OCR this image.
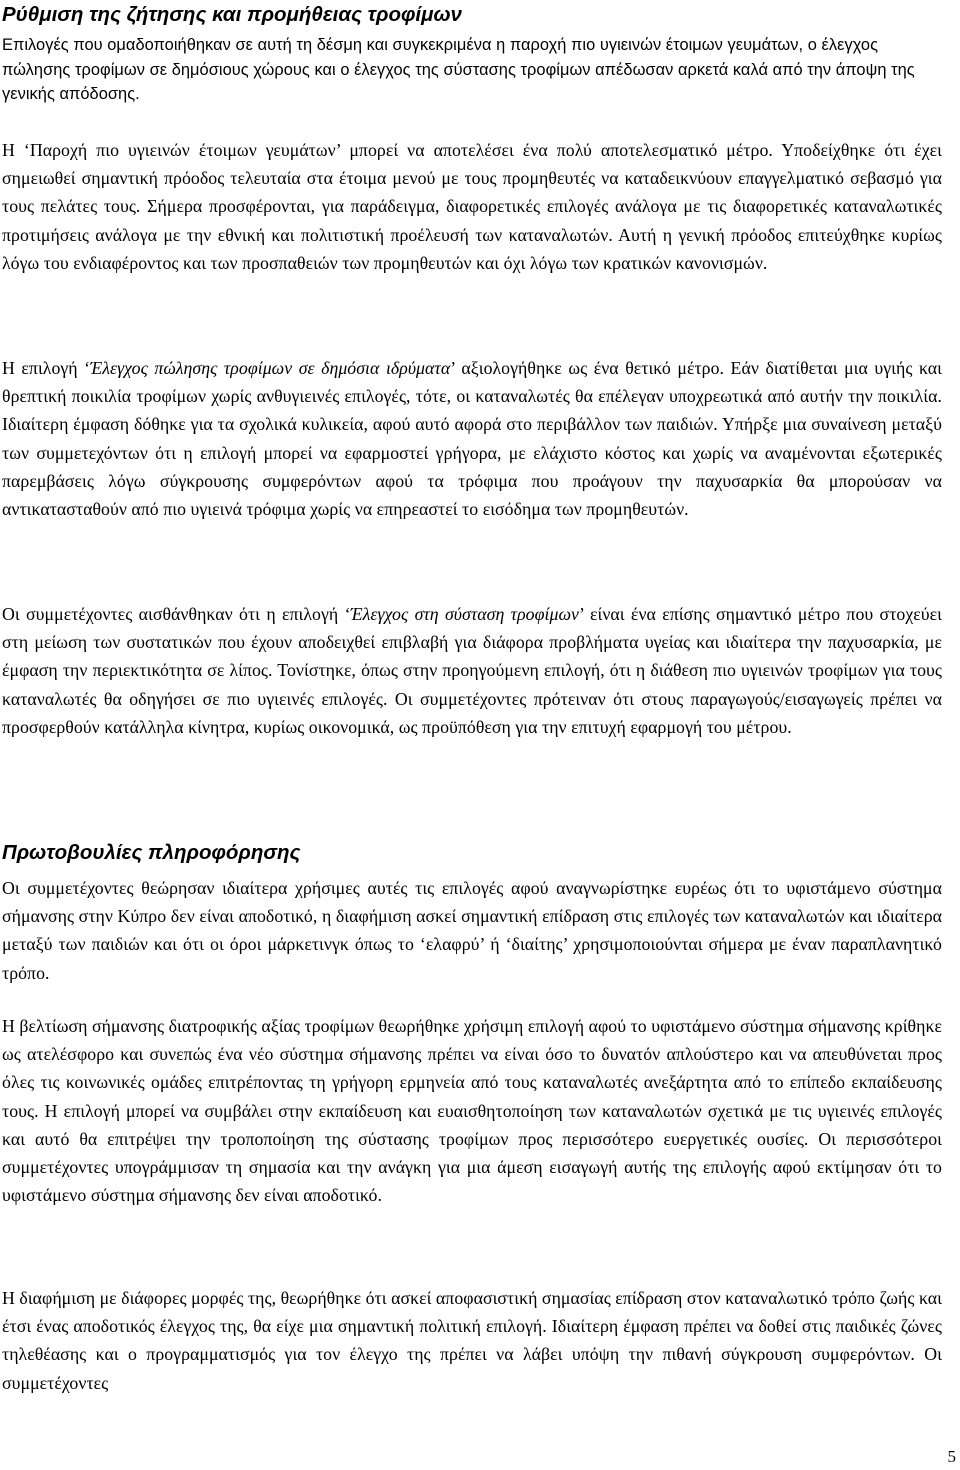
Ρύθμιση της ζήτησης και προμήθειας τροφίμων

Επιλογές που ομαδοποιήθηκαν σε αυτή τη δέσμη και συγκεκριμένα η παροχή πιο υγιεινών έτοιμων γευμάτων, ο έλεγχος πώλησης τροφίμων σε δημόσιους χώρους και ο έλεγχος της σύστασης τροφίμων απέδωσαν αρκετά καλά από την άποψη της γενικής απόδοσης.

Η ‘Παροχή πιο υγιεινών έτοιμων γευμάτων’ μπορεί να αποτελέσει ένα πολύ αποτελεσματικό μέτρο. Υποδείχθηκε ότι έχει σημειωθεί σημαντική πρόοδος τελευταία στα έτοιμα μενού με τους προμηθευτές να καταδεικνύουν επαγγελματικό σεβασμό για τους πελάτες τους. Σήμερα προσφέρονται, για παράδειγμα, διαφορετικές επιλογές ανάλογα με τις διαφορετικές καταναλωτικές προτιμήσεις ανάλογα με την εθνική και πολιτιστική προέλευσή των καταναλωτών. Αυτή η γενική πρόοδος επιτεύχθηκε κυρίως λόγω του ενδιαφέροντος και των προσπαθειών των προμηθευτών και όχι λόγω των κρατικών κανονισμών.

Η επιλογή ‘Έλεγχος πώλησης τροφίμων σε δημόσια ιδρύματα’ αξιολογήθηκε ως ένα θετικό μέτρο. Εάν διατίθεται μια υγιής και θρεπτική ποικιλία τροφίμων χωρίς ανθυγιεινές επιλογές, τότε, οι καταναλωτές θα επέλεγαν υποχρεωτικά από αυτήν την ποικιλία. Ιδιαίτερη έμφαση δόθηκε για τα σχολικά κυλικεία, αφού αυτό αφορά στο περιβάλλον των παιδιών. Υπήρξε μια συναίνεση μεταξύ των συμμετεχόντων ότι η επιλογή μπορεί να εφαρμοστεί γρήγορα, με ελάχιστο κόστος και χωρίς να αναμένονται εξωτερικές παρεμβάσεις λόγω σύγκρουσης συμφερόντων αφού τα τρόφιμα που προάγουν την παχυσαρκία θα μπορούσαν να αντικατασταθούν από πιο υγιεινά τρόφιμα χωρίς να επηρεαστεί το εισόδημα των προμηθευτών.

Οι συμμετέχοντες αισθάνθηκαν ότι η επιλογή ‘Έλεγχος στη σύσταση τροφίμων’ είναι ένα επίσης σημαντικό μέτρο που στοχεύει στη μείωση των συστατικών που έχουν αποδειχθεί επιβλαβή για διάφορα προβλήματα υγείας και ιδιαίτερα την παχυσαρκία, με έμφαση την περιεκτικότητα σε λίπος. Τονίστηκε, όπως στην προηγούμενη επιλογή, ότι η διάθεση πιο υγιεινών τροφίμων για τους καταναλωτές θα οδηγήσει σε πιο υγιεινές επιλογές. Οι συμμετέχοντες πρότειναν ότι στους παραγωγούς/εισαγωγείς πρέπει να προσφερθούν κατάλληλα κίνητρα, κυρίως οικονομικά, ως προϋπόθεση για την επιτυχή εφαρμογή του μέτρου.

Πρωτοβουλίες πληροφόρησης

Οι συμμετέχοντες θεώρησαν ιδιαίτερα χρήσιμες αυτές τις επιλογές αφού αναγνωρίστηκε ευρέως ότι το υφιστάμενο σύστημα σήμανσης στην Κύπρο δεν είναι αποδοτικό, η διαφήμιση ασκεί σημαντική επίδραση στις επιλογές των καταναλωτών και ιδιαίτερα μεταξύ των παιδιών και ότι οι όροι μάρκετινγκ όπως το ‘ελαφρύ’ ή ‘διαίτης’ χρησιμοποιούνται σήμερα με έναν παραπλανητικό τρόπο.

Η βελτίωση σήμανσης διατροφικής αξίας τροφίμων θεωρήθηκε χρήσιμη επιλογή αφού το υφιστάμενο σύστημα σήμανσης κρίθηκε ως ατελέσφορο και συνεπώς ένα νέο σύστημα σήμανσης πρέπει να είναι όσο το δυνατόν απλούστερο και να απευθύνεται προς όλες τις κοινωνικές ομάδες επιτρέποντας τη γρήγορη ερμηνεία από τους καταναλωτές ανεξάρτητα από το επίπεδο εκπαίδευσης τους. Η επιλογή μπορεί να συμβάλει στην εκπαίδευση και ευαισθητοποίηση των καταναλωτών σχετικά με τις υγιεινές επιλογές και αυτό θα επιτρέψει την τροποποίηση της σύστασης τροφίμων προς περισσότερο ευεργετικές ουσίες. Οι περισσότεροι συμμετέχοντες υπογράμμισαν τη σημασία και την ανάγκη για μια άμεση εισαγωγή αυτής της επιλογής αφού εκτίμησαν ότι το υφιστάμενο σύστημα σήμανσης δεν είναι αποδοτικό.

Η διαφήμιση με διάφορες μορφές της, θεωρήθηκε ότι ασκεί αποφασιστική σημασίας επίδραση στον καταναλωτικό τρόπο ζωής και έτσι ένας αποδοτικός έλεγχος της, θα είχε μια σημαντική πολιτική επιλογή. Ιδιαίτερη έμφαση πρέπει να δοθεί στις παιδικές ζώνες τηλεθέασης και ο προγραμματισμός για τον έλεγχο της πρέπει να λάβει υπόψη την πιθανή σύγκρουση συμφερόντων. Οι συμμετέχοντες

5
